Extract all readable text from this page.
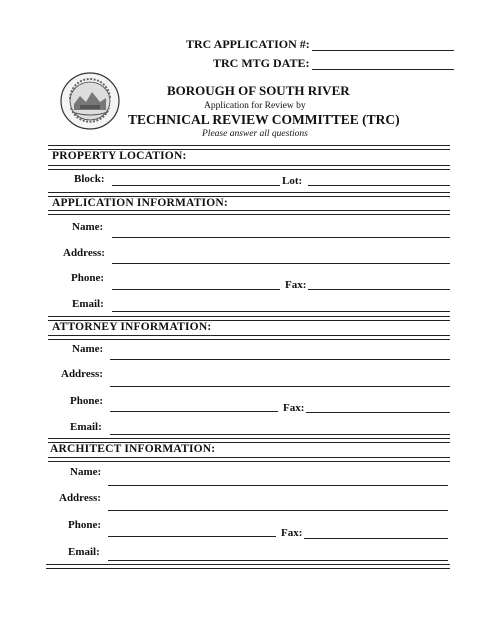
TRC APPLICATION #:
TRC MTG DATE:
BOROUGH OF SOUTH RIVER
Application for Review by
TECHNICAL REVIEW COMMITTEE (TRC)
Please answer all questions
PROPERTY LOCATION:
Block:	Lot:
APPLICATION INFORMATION:
Name:
Address:
Phone:
Fax:
Email:
ATTORNEY INFORMATION:
Name:
Address:
Phone:
Fax:
Email:
ARCHITECT INFORMATION:
Name:
Address:
Phone:
Fax:
Email:
